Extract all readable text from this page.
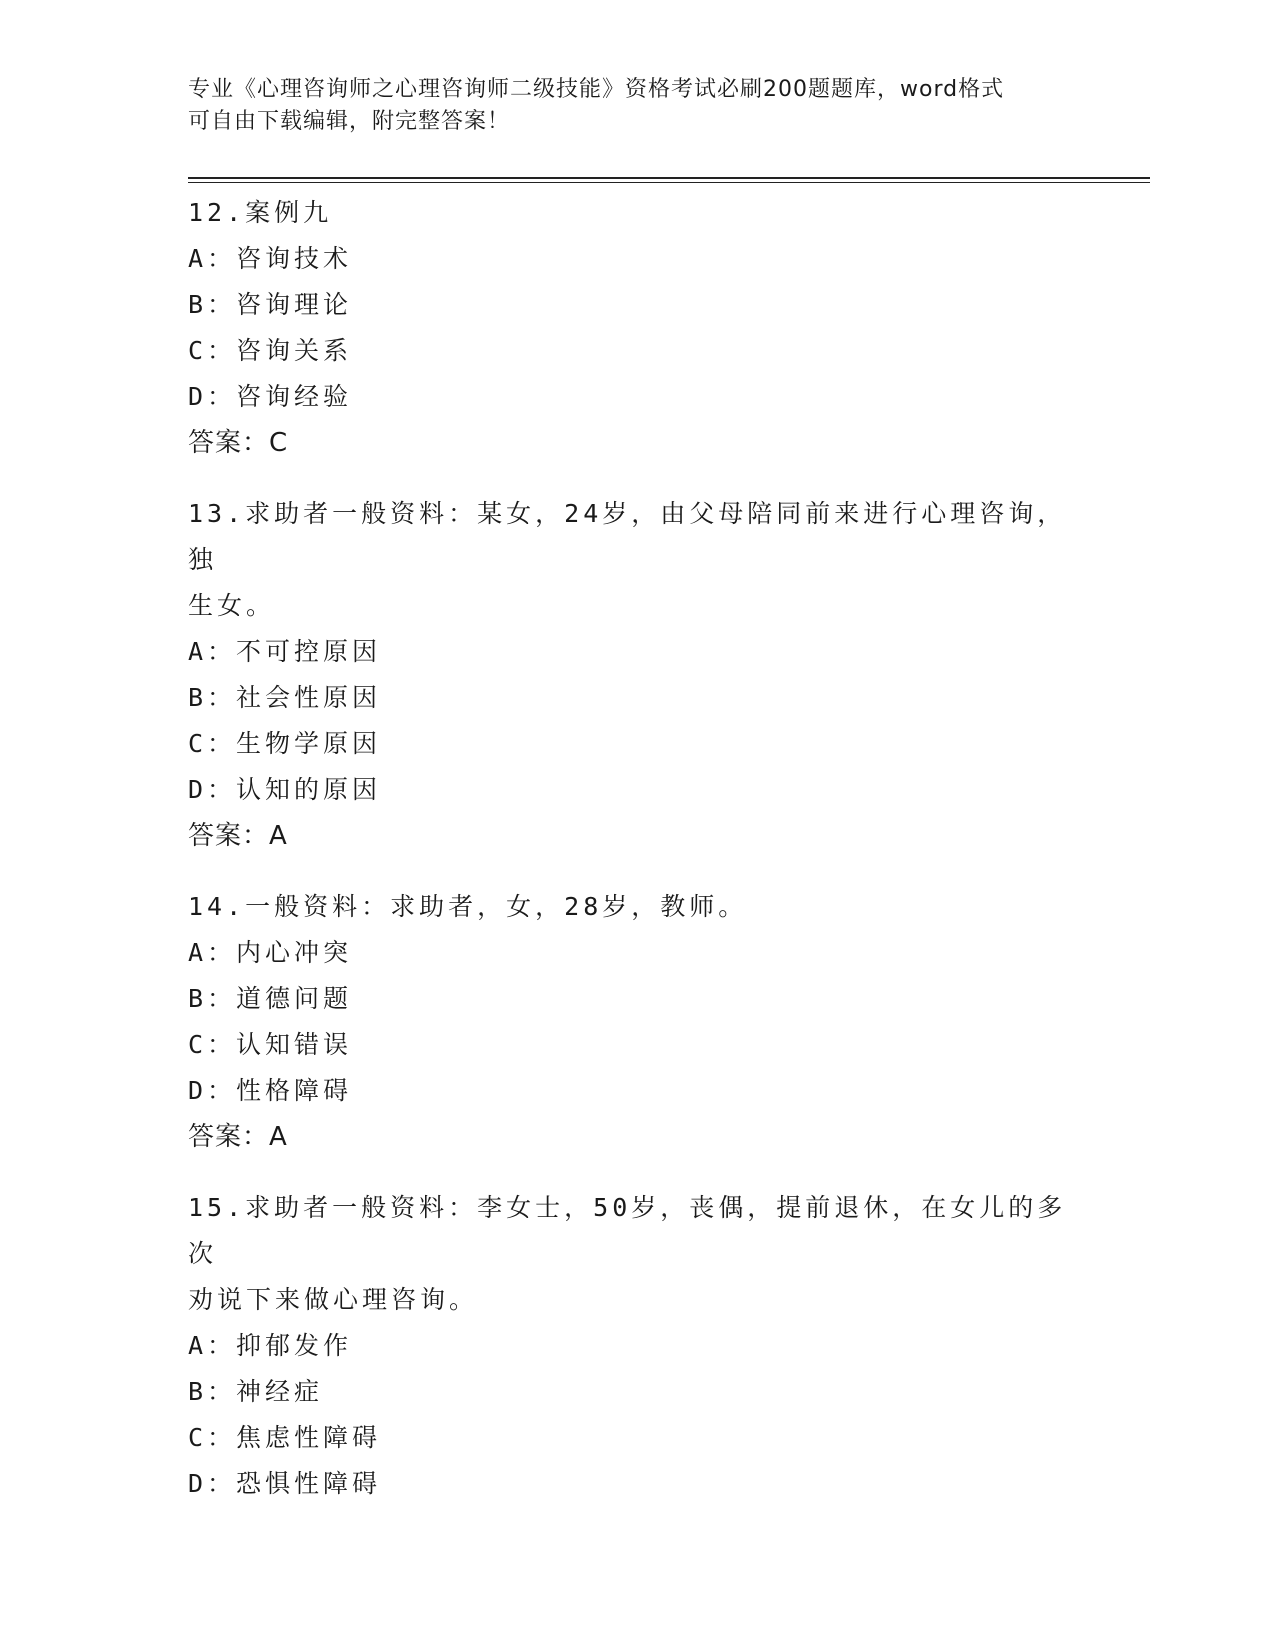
专业《心理咨询师之心理咨询师二级技能》资格考试必刷200题题库，word格式
可自由下载编辑，附完整答案！
12.案例九
A：咨询技术
B：咨询理论
C：咨询关系
D：咨询经验
答案：C
13.求助者一般资料：某女，24岁，由父母陪同前来进行心理咨询，独
生女。
A：不可控原因
B：社会性原因
C：生物学原因
D：认知的原因
答案：A
14.一般资料：求助者，女，28岁，教师。
A：内心冲突
B：道德问题
C：认知错误
D：性格障碍
答案：A
15.求助者一般资料：李女士，50岁，丧偶，提前退休，在女儿的多次
劝说下来做心理咨询。
A：抑郁发作
B：神经症
C：焦虑性障碍
D：恐惧性障碍
